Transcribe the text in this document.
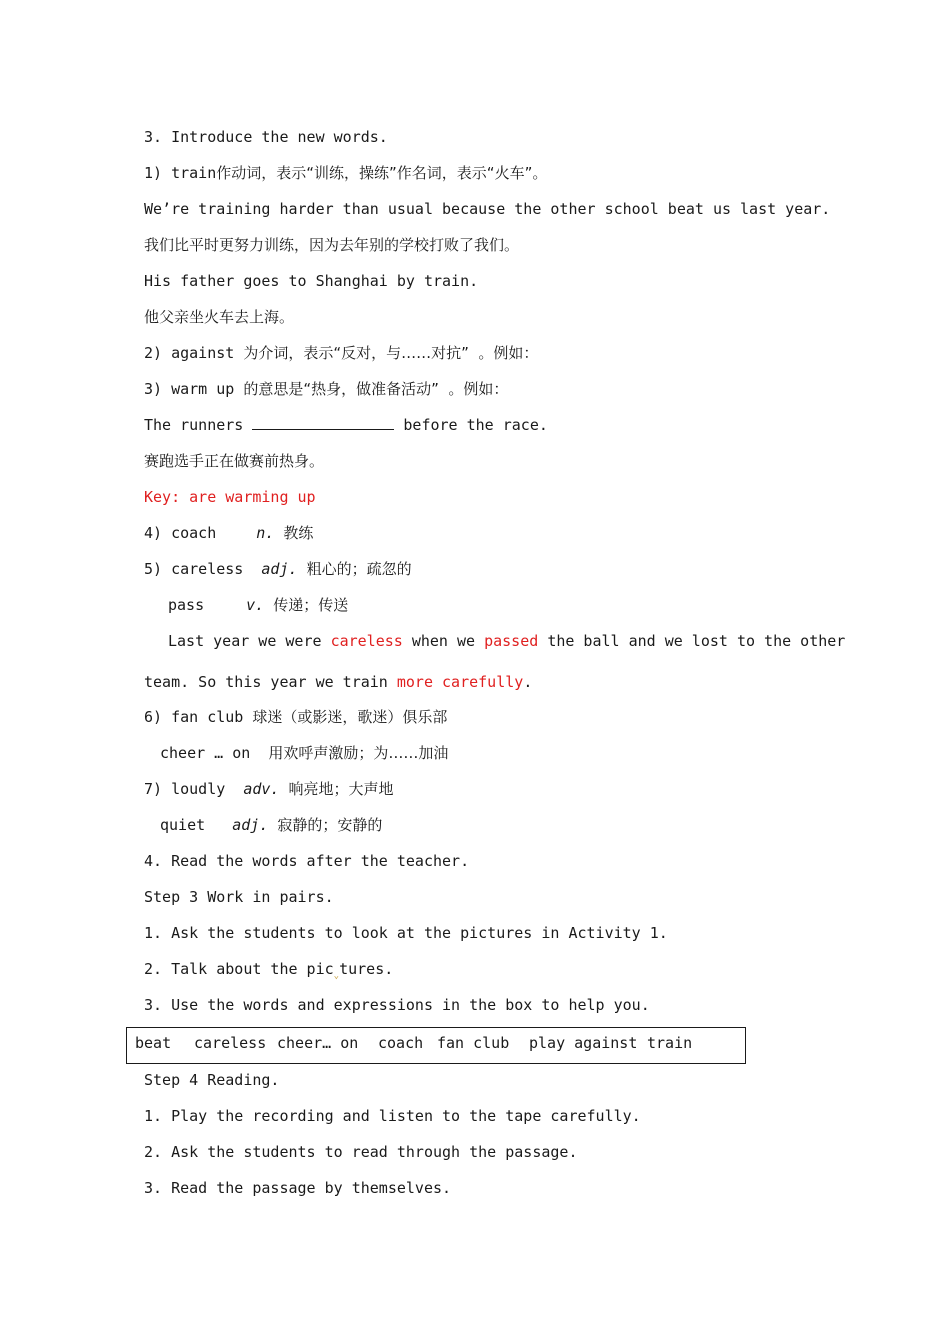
3. Introduce the new words.
1) train作动词，表示“训练，操练”作名词，表示“火车”。
We’re training harder than usual because the other school beat us last year.
我们比平时更努力训练，因为去年别的学校打败了我们。
His father goes to Shanghai by train.
他父亲坐火车去上海。
2) against 为介词，表示“反对，与……对抗”  。例如：
3) warm up 的意思是“热身，做准备活动”  。例如：
The runners	before the race.
赛跑选手正在做赛前热身。
Key: are warming up
4) coach	n. 教练
5) careless adj. 粗心的；疏忽的
pass	v. 传递；传送
Last year we were careless when we passed the ball and we lost to the other
team. So this year we train more carefully.
6) fan club 球迷（或影迷，歌迷）俱乐部
cheer … on 用欢呼声激励；为……加油
7) loudly adv. 响亮地；大声地
quiet adj. 寂静的；安静的
4. Read the words after the teacher.
Step 3 Work in pairs.
1. Ask the students to look at the pictures in Activity 1.
2. Talk about the pic$_⌄$tures.
3. Use the words and expressions in the box to help you.
beat careless cheer… on coach fan club play against train
Step 4 Reading.
1. Play the recording and listen to the tape carefully.
2. Ask the students to read through the passage.
3. Read the passage by themselves.
